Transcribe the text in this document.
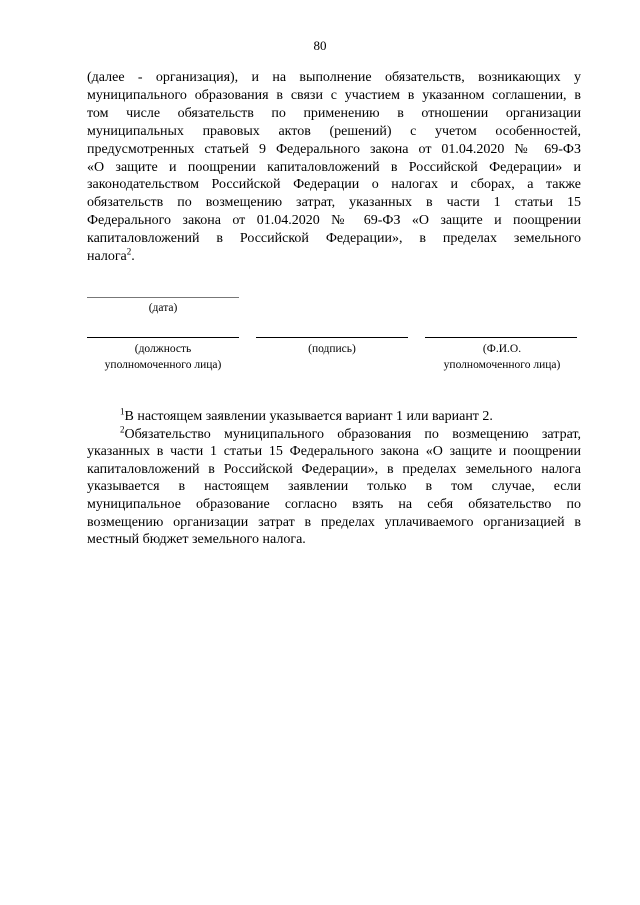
80
(далее - организация), и на выполнение обязательств, возникающих у
муниципального образования в связи с участием в указанном соглашении, в
том числе обязательств по применению в отношении организации
муниципальных правовых актов (решений) с учетом особенностей,
предусмотренных статьей 9 Федерального закона от 01.04.2020 № 69-ФЗ
«О защите и поощрении капиталовложений в Российской Федерации» и
законодательством Российской Федерации о налогах и сборах, а также
обязательств по возмещению затрат, указанных в части 1 статьи 15
Федерального закона от 01.04.2020 № 69-ФЗ «О защите и поощрении
капиталовложений в Российской Федерации», в пределах земельного
налога$^2$.
(дата)
(должность
уполномоченного лица)
(подпись)	(Ф.И.О.
уполномоченного лица)
$^1$В настоящем заявлении указывается вариант 1 или вариант 2.
$^2$Обязательство муниципального образования по возмещению затрат,
указанных в части 1 статьи 15 Федерального закона «О защите и поощрении
капиталовложений в Российской Федерации», в пределах земельного налога
указывается в настоящем заявлении только в том случае, если
муниципальное образование согласно взять на себя обязательство по
возмещению организации затрат в пределах уплачиваемого организацией в
местный бюджет земельного налога.
